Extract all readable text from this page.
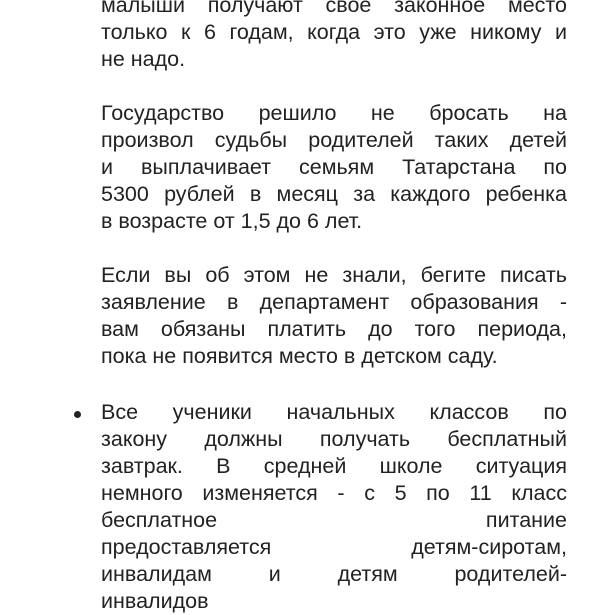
малыши получают свое законное место
только к 6 годам, когда это уже никому и
не надо.

Государство решило не бросать на
произвол судьбы родителей таких детей
и выплачивает семьям Татарстана по
5300 рублей в месяц за каждого ребенка
в возрасте от 1,5 до 6 лет.

Если вы об этом не знали, бегите писать
заявление в департамент образования -
вам обязаны платить до того периода,
пока не появится место в детском саду.

Все ученики начальных классов по
закону должны получать бесплатный
завтрак. В средней школе ситуация
немного изменяется - с 5 по 11 класс
бесплатное питание
предоставляется детям-сиротам,
инвалидам и детям родителей-
инвалидов
